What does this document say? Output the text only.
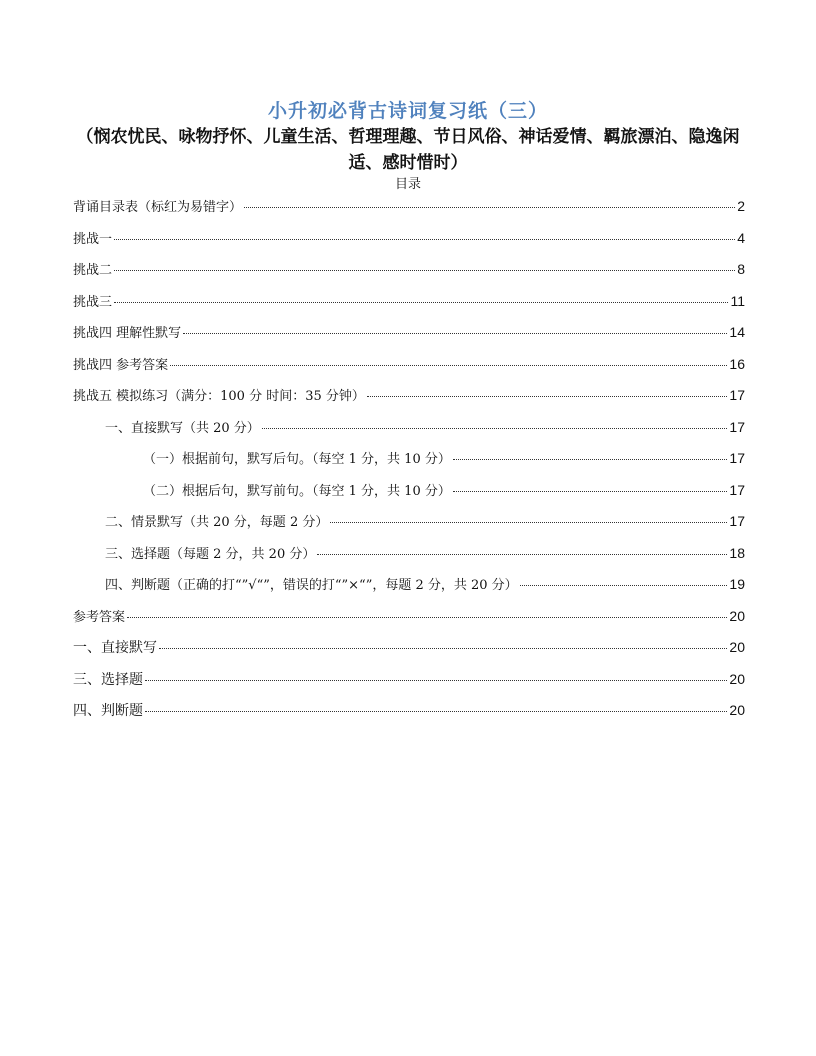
小升初必背古诗词复习纸（三）
（悯农忧民、咏物抒怀、儿童生活、哲理理趣、节日风俗、神话爱情、羁旅漂泊、隐逸闲适、感时惜时）
目录
背诵目录表（标红为易错字）	2
挑战一	4
挑战二	8
挑战三	11
挑战四 理解性默写	14
挑战四 参考答案	16
挑战五 模拟练习（满分：100 分 时间：35 分钟）	17
一、直接默写（共 20 分）	17
（一）根据前句，默写后句。（每空 1 分，共 10 分）	17
（二）根据后句，默写前句。（每空 1 分，共 10 分）	17
二、情景默写（共 20 分，每题 2 分）	17
三、选择题（每题 2 分，共 20 分）	18
四、判断题（正确的打“”√“”，错误的打“”×“”，每题 2 分，共 20 分）	19
参考答案	20
一、直接默写	20
三、选择题	20
四、判断题	20
